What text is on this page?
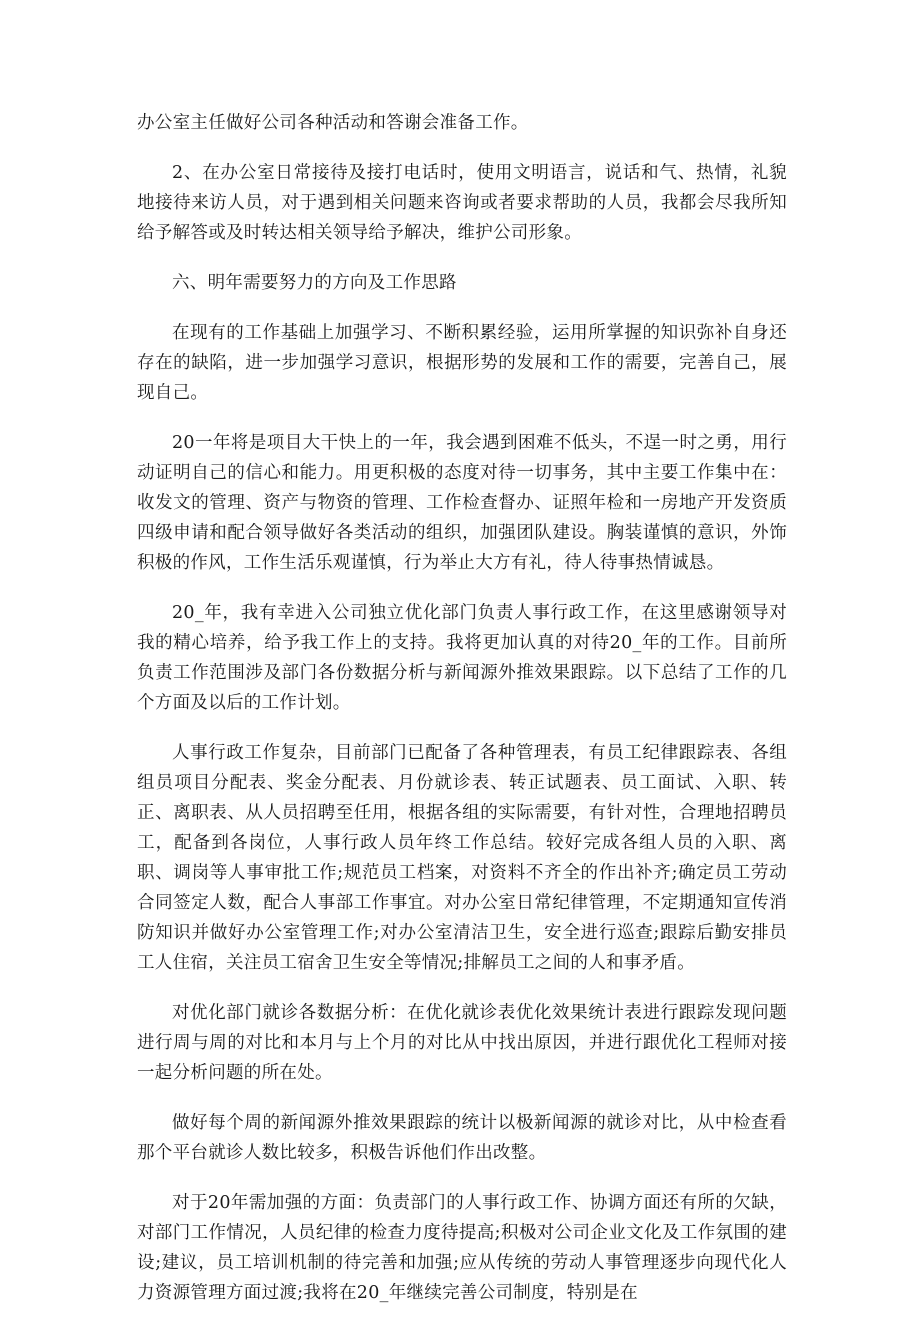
办公室主任做好公司各种活动和答谢会准备工作。

2、在办公室日常接待及接打电话时，使用文明语言，说话和气、热情，礼貌地接待来访人员，对于遇到相关问题来咨询或者要求帮助的人员，我都会尽我所知给予解答或及时转达相关领导给予解决，维护公司形象。

六、明年需要努力的方向及工作思路

在现有的工作基础上加强学习、不断积累经验，运用所掌握的知识弥补自身还存在的缺陷，进一步加强学习意识，根据形势的发展和工作的需要，完善自己，展现自己。

20一年将是项目大干快上的一年，我会遇到困难不低头，不逞一时之勇，用行动证明自己的信心和能力。用更积极的态度对待一切事务，其中主要工作集中在：收发文的管理、资产与物资的管理、工作检查督办、证照年检和一房地产开发资质四级申请和配合领导做好各类活动的组织，加强团队建设。胸装谨慎的意识，外饰积极的作风，工作生活乐观谨慎，行为举止大方有礼，待人待事热情诚恳。

20_年，我有幸进入公司独立优化部门负责人事行政工作，在这里感谢领导对我的精心培养，给予我工作上的支持。我将更加认真的对待20_年的工作。目前所负责工作范围涉及部门各份数据分析与新闻源外推效果跟踪。以下总结了工作的几个方面及以后的工作计划。

人事行政工作复杂，目前部门已配备了各种管理表，有员工纪律跟踪表、各组组员项目分配表、奖金分配表、月份就诊表、转正试题表、员工面试、入职、转正、离职表、从人员招聘至任用，根据各组的实际需要，有针对性，合理地招聘员工，配备到各岗位，人事行政人员年终工作总结。较好完成各组人员的入职、离职、调岗等人事审批工作;规范员工档案，对资料不齐全的作出补齐;确定员工劳动合同签定人数，配合人事部工作事宜。对办公室日常纪律管理，不定期通知宣传消防知识并做好办公室管理工作;对办公室清洁卫生，安全进行巡查;跟踪后勤安排员工人住宿，关注员工宿舍卫生安全等情况;排解员工之间的人和事矛盾。

对优化部门就诊各数据分析：在优化就诊表优化效果统计表进行跟踪发现问题进行周与周的对比和本月与上个月的对比从中找出原因，并进行跟优化工程师对接一起分析问题的所在处。

做好每个周的新闻源外推效果跟踪的统计以极新闻源的就诊对比，从中检查看那个平台就诊人数比较多，积极告诉他们作出改整。

对于20年需加强的方面：负责部门的人事行政工作、协调方面还有所的欠缺，对部门工作情况，人员纪律的检查力度待提高;积极对公司企业文化及工作氛围的建设;建议，员工培训机制的待完善和加强;应从传统的劳动人事管理逐步向现代化人力资源管理方面过渡;我将在20_年继续完善公司制度，特别是在
